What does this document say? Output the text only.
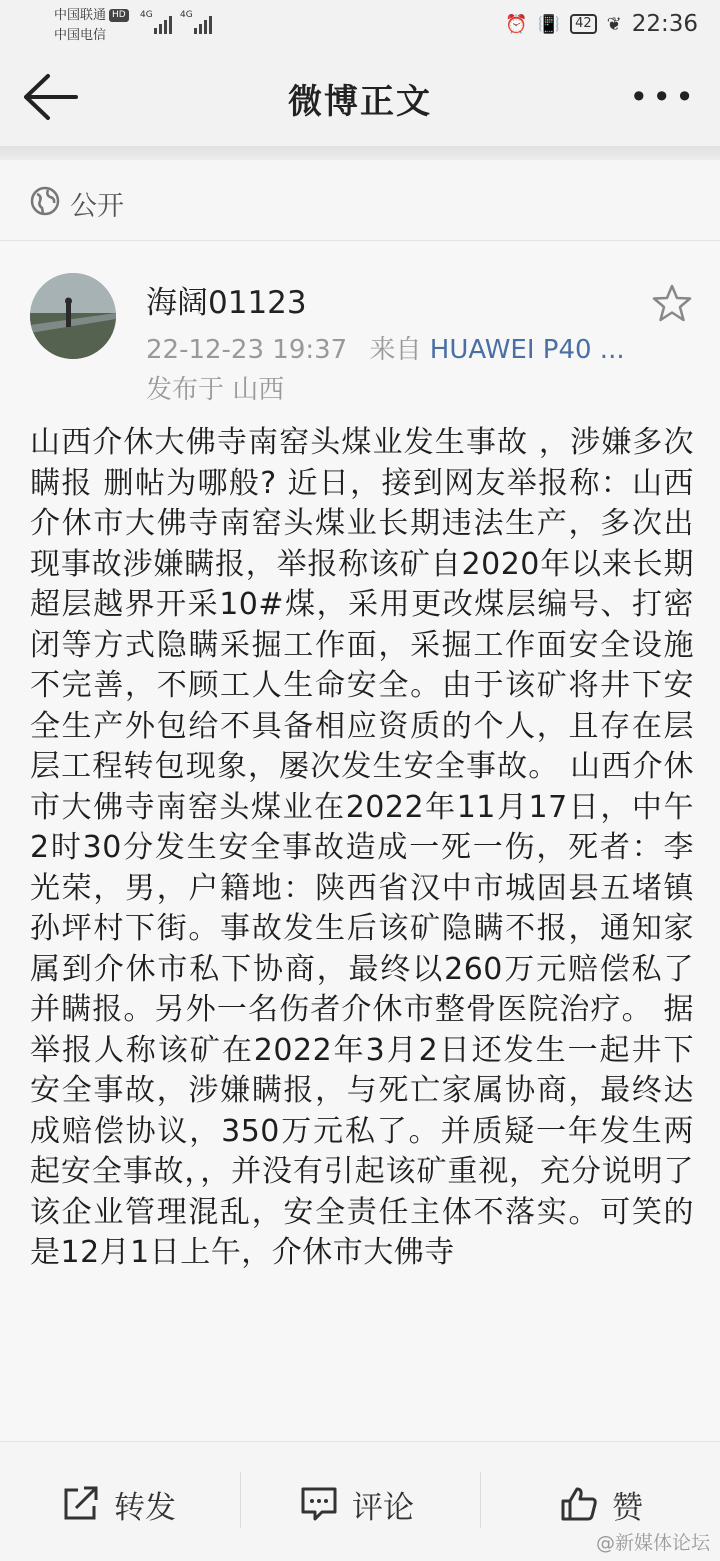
中国联通 HD
中国电信
4G	4G	⏰ 📳	42 ❦ 22:36
微博正文	•••
公开
海阔01123
22-12-23 19:37 来自 HUAWEI P40 ...
发布于 山西
山西介休大佛寺南窑头煤业发生事故 ，涉嫌多次瞒报 删帖为哪般? 近日，接到网友举报称：山西介休市大佛寺南窑头煤业长期违法生产，多次出现事故涉嫌瞒报，举报称该矿自2020年以来长期超层越界开采10#煤，采用更改煤层编号、打密闭等方式隐瞒采掘工作面，采掘工作面安全设施不完善，不顾工人生命安全。由于该矿将井下安全生产外包给不具备相应资质的个人，且存在层层工程转包现象，屡次发生安全事故。 山西介休市大佛寺南窑头煤业在2022年11月17日，中午2时30分发生安全事故造成一死一伤，死者：李光荣，男，户籍地：陕西省汉中市城固县五堵镇孙坪村下街。事故发生后该矿隐瞒不报，通知家属到介休市私下协商，最终以260万元赔偿私了并瞒报。另外一名伤者介休市整骨医院治疗。 据举报人称该矿在2022年3月2日还发生一起井下安全事故，涉嫌瞒报，与死亡家属协商，最终达成赔偿协议，350万元私了。并质疑一年发生两起安全事故，，并没有引起该矿重视，充分说明了该企业管理混乱，安全责任主体不落实。可笑的是12月1日上午，介休市大佛寺
转发	评论	赞
@新媒体论坛
